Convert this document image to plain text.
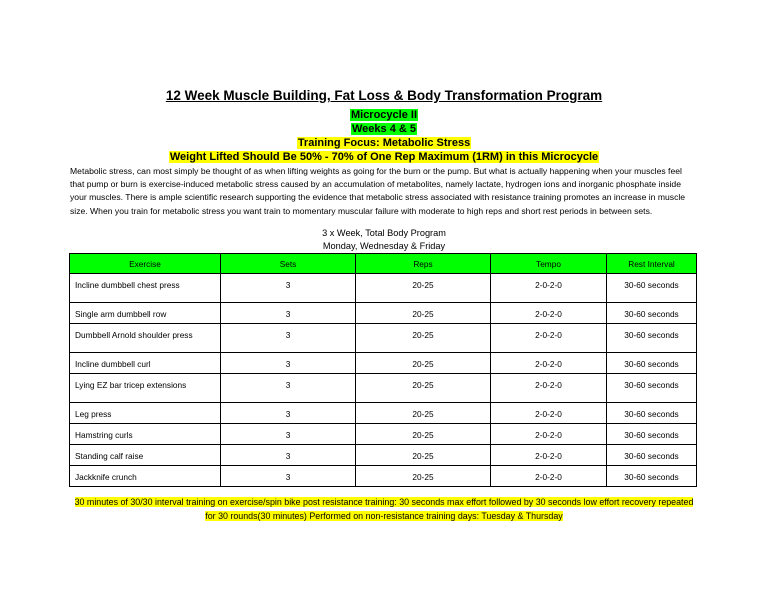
12 Week Muscle Building, Fat Loss & Body Transformation Program
Microcycle II
Weeks 4 & 5
Training Focus: Metabolic Stress
Weight Lifted Should Be 50% - 70% of One Rep Maximum (1RM) in this Microcycle
Metabolic stress, can most simply be thought of as when lifting weights as going for the burn or the pump. But what is actually happening when your muscles feel that pump or burn is exercise-induced metabolic stress caused by an accumulation of metabolites, namely lactate, hydrogen ions and inorganic phosphate inside your muscles. There is ample scientific research supporting the evidence that metabolic stress associated with resistance training promotes an increase in muscle size. When you train for metabolic stress you want train to momentary muscular failure with moderate to high reps and short rest periods in between sets.
3 x Week, Total Body Program
Monday, Wednesday & Friday
Exercise	Sets	Reps	Tempo	Rest Interval
Incline dumbbell chest press	3	20-25	2-0-2-0	30-60 seconds
Single arm dumbbell row	3	20-25	2-0-2-0	30-60 seconds
Dumbbell Arnold shoulder press	3	20-25	2-0-2-0	30-60 seconds
Incline dumbbell curl	3	20-25	2-0-2-0	30-60 seconds
Lying EZ bar tricep extensions	3	20-25	2-0-2-0	30-60 seconds
Leg press	3	20-25	2-0-2-0	30-60 seconds
Hamstring curls	3	20-25	2-0-2-0	30-60 seconds
Standing calf raise	3	20-25	2-0-2-0	30-60 seconds
Jackknife crunch	3	20-25	2-0-2-0	30-60 seconds
30 minutes of 30/30 interval training on exercise/spin bike post resistance training: 30 seconds max effort followed by 30 seconds low effort recovery repeated for 30 rounds(30 minutes) Performed on non-resistance training days: Tuesday & Thursday
